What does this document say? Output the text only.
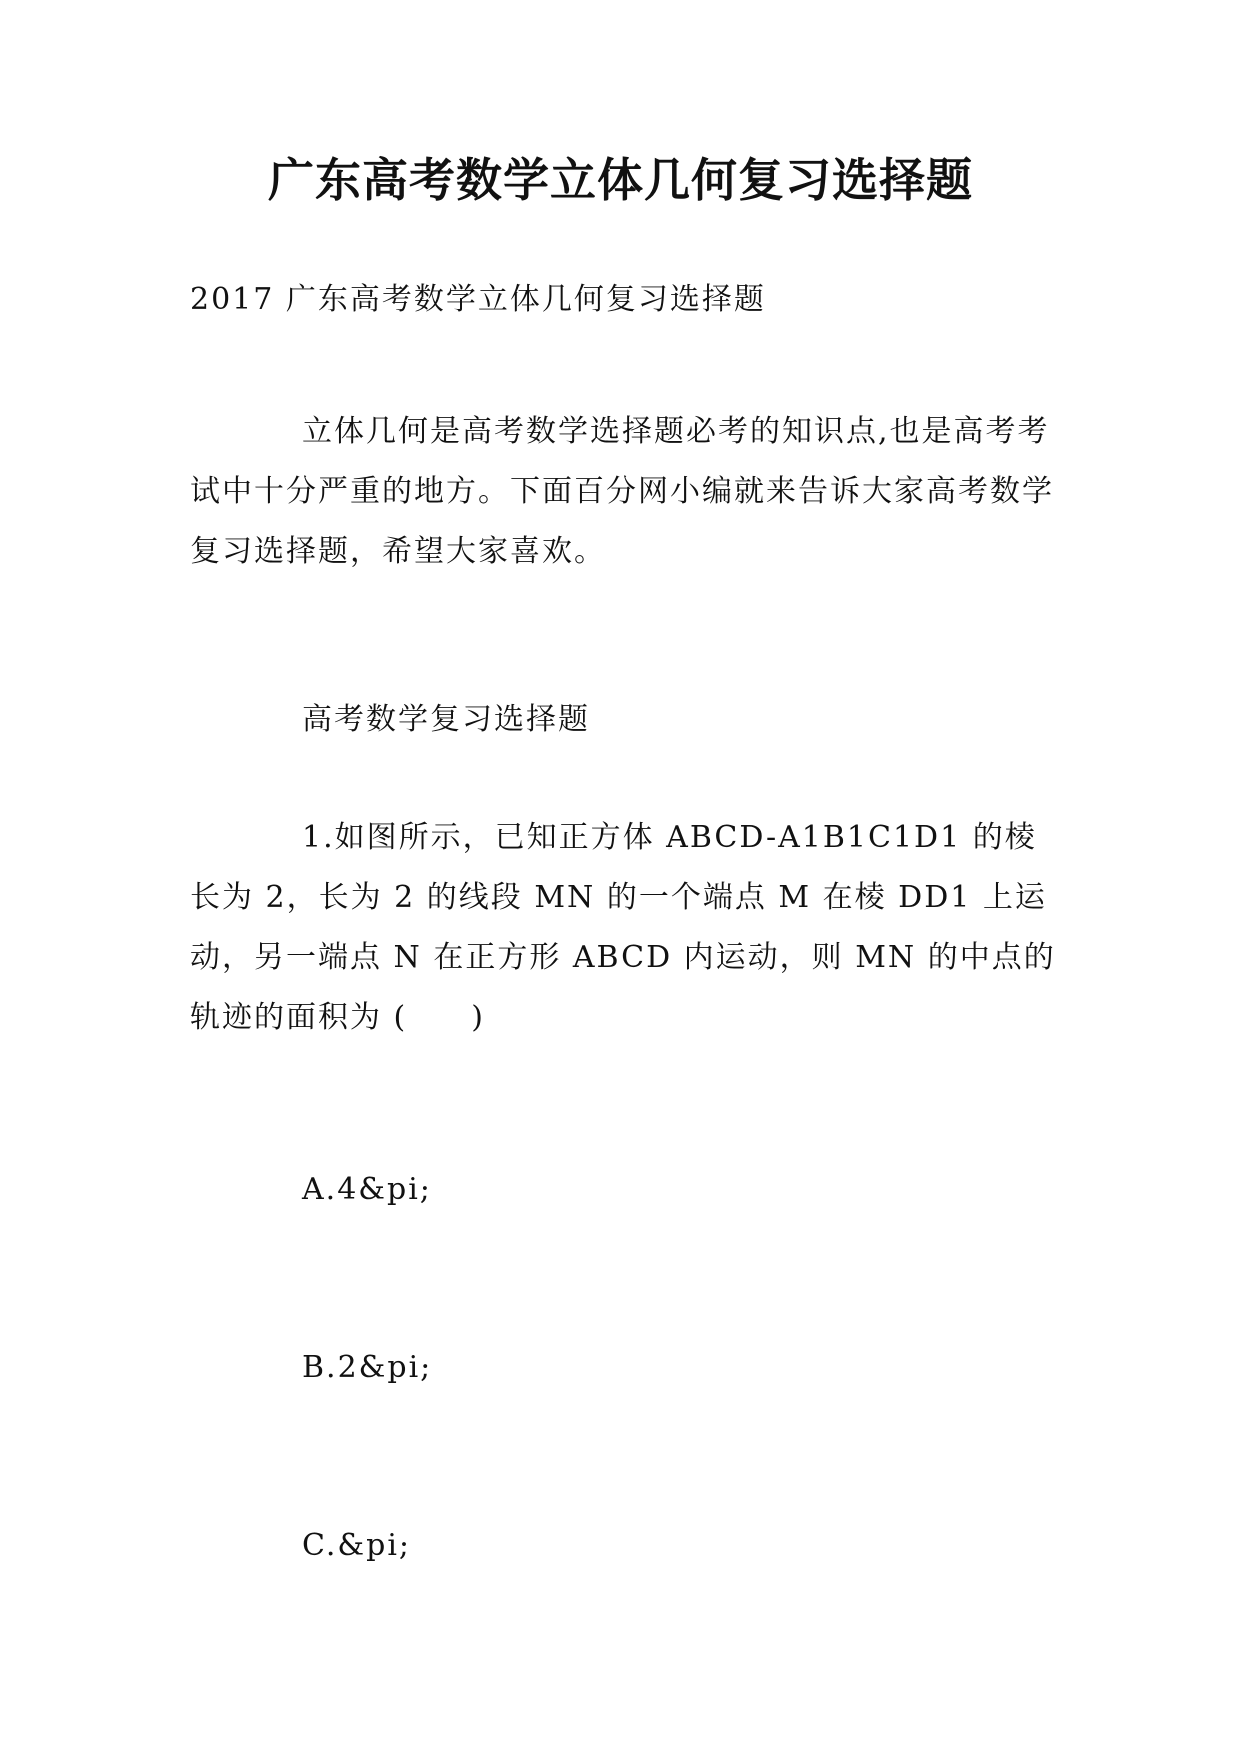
广东高考数学立体几何复习选择题

2017 广东高考数学立体几何复习选择题

立体几何是高考数学选择题必考的知识点,也是高考考试中十分严重的地方。下面百分网小编就来告诉大家高考数学复习选择题，希望大家喜欢。

高考数学复习选择题

1.如图所示，已知正方体 ABCD-A1B1C1D1 的棱长为 2，长为 2 的线段 MN 的一个端点 M 在棱 DD1 上运动，另一端点 N 在正方形 ABCD 内运动，则 MN 的中点的轨迹的面积为 (　　)

A.4&pi;

B.2&pi;

C.&pi;
